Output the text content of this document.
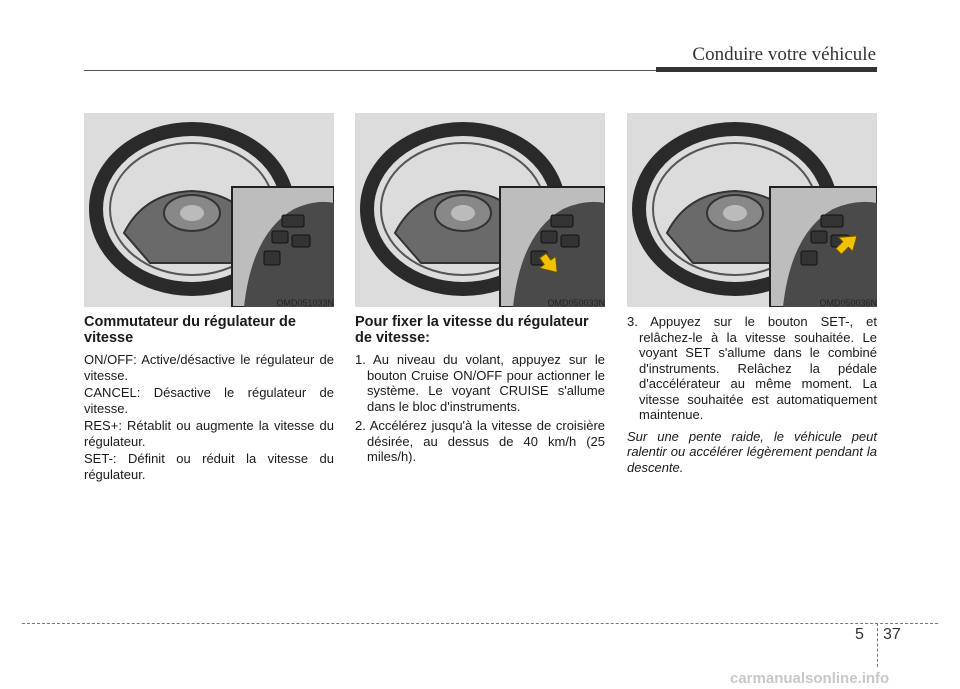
Conduire votre véhicule
OMD051033N	OMD050033N	OMD050036N
Commutateur du régulateur de vitesse
ON/OFF: Active/désactive le régulateur de vitesse.
CANCEL: Désactive le régulateur de vitesse.
RES+: Rétablit ou augmente la vitesse du régulateur.
SET-: Définit ou réduit la vitesse du régulateur.
Pour fixer la vitesse du régulateur de vitesse:
1. Au niveau du volant, appuyez sur le bouton Cruise ON/OFF pour actionner le système. Le voyant CRUISE s'allume dans le bloc d'instruments.
2. Accélérez jusqu'à la vitesse de croisière désirée, au dessus de 40 km/h (25 miles/h).
3. Appuyez sur le bouton SET-, et relâchez-le à la vitesse souhaitée. Le voyant SET s'allume dans le combiné d'instruments. Relâchez la pédale d'accélérateur au même moment. La vitesse souhaitée est automatiquement maintenue.
Sur une pente raide, le véhicule peut ralentir ou accélérer légèrement pendant la descente.
5 37
carmanualsonline.info
